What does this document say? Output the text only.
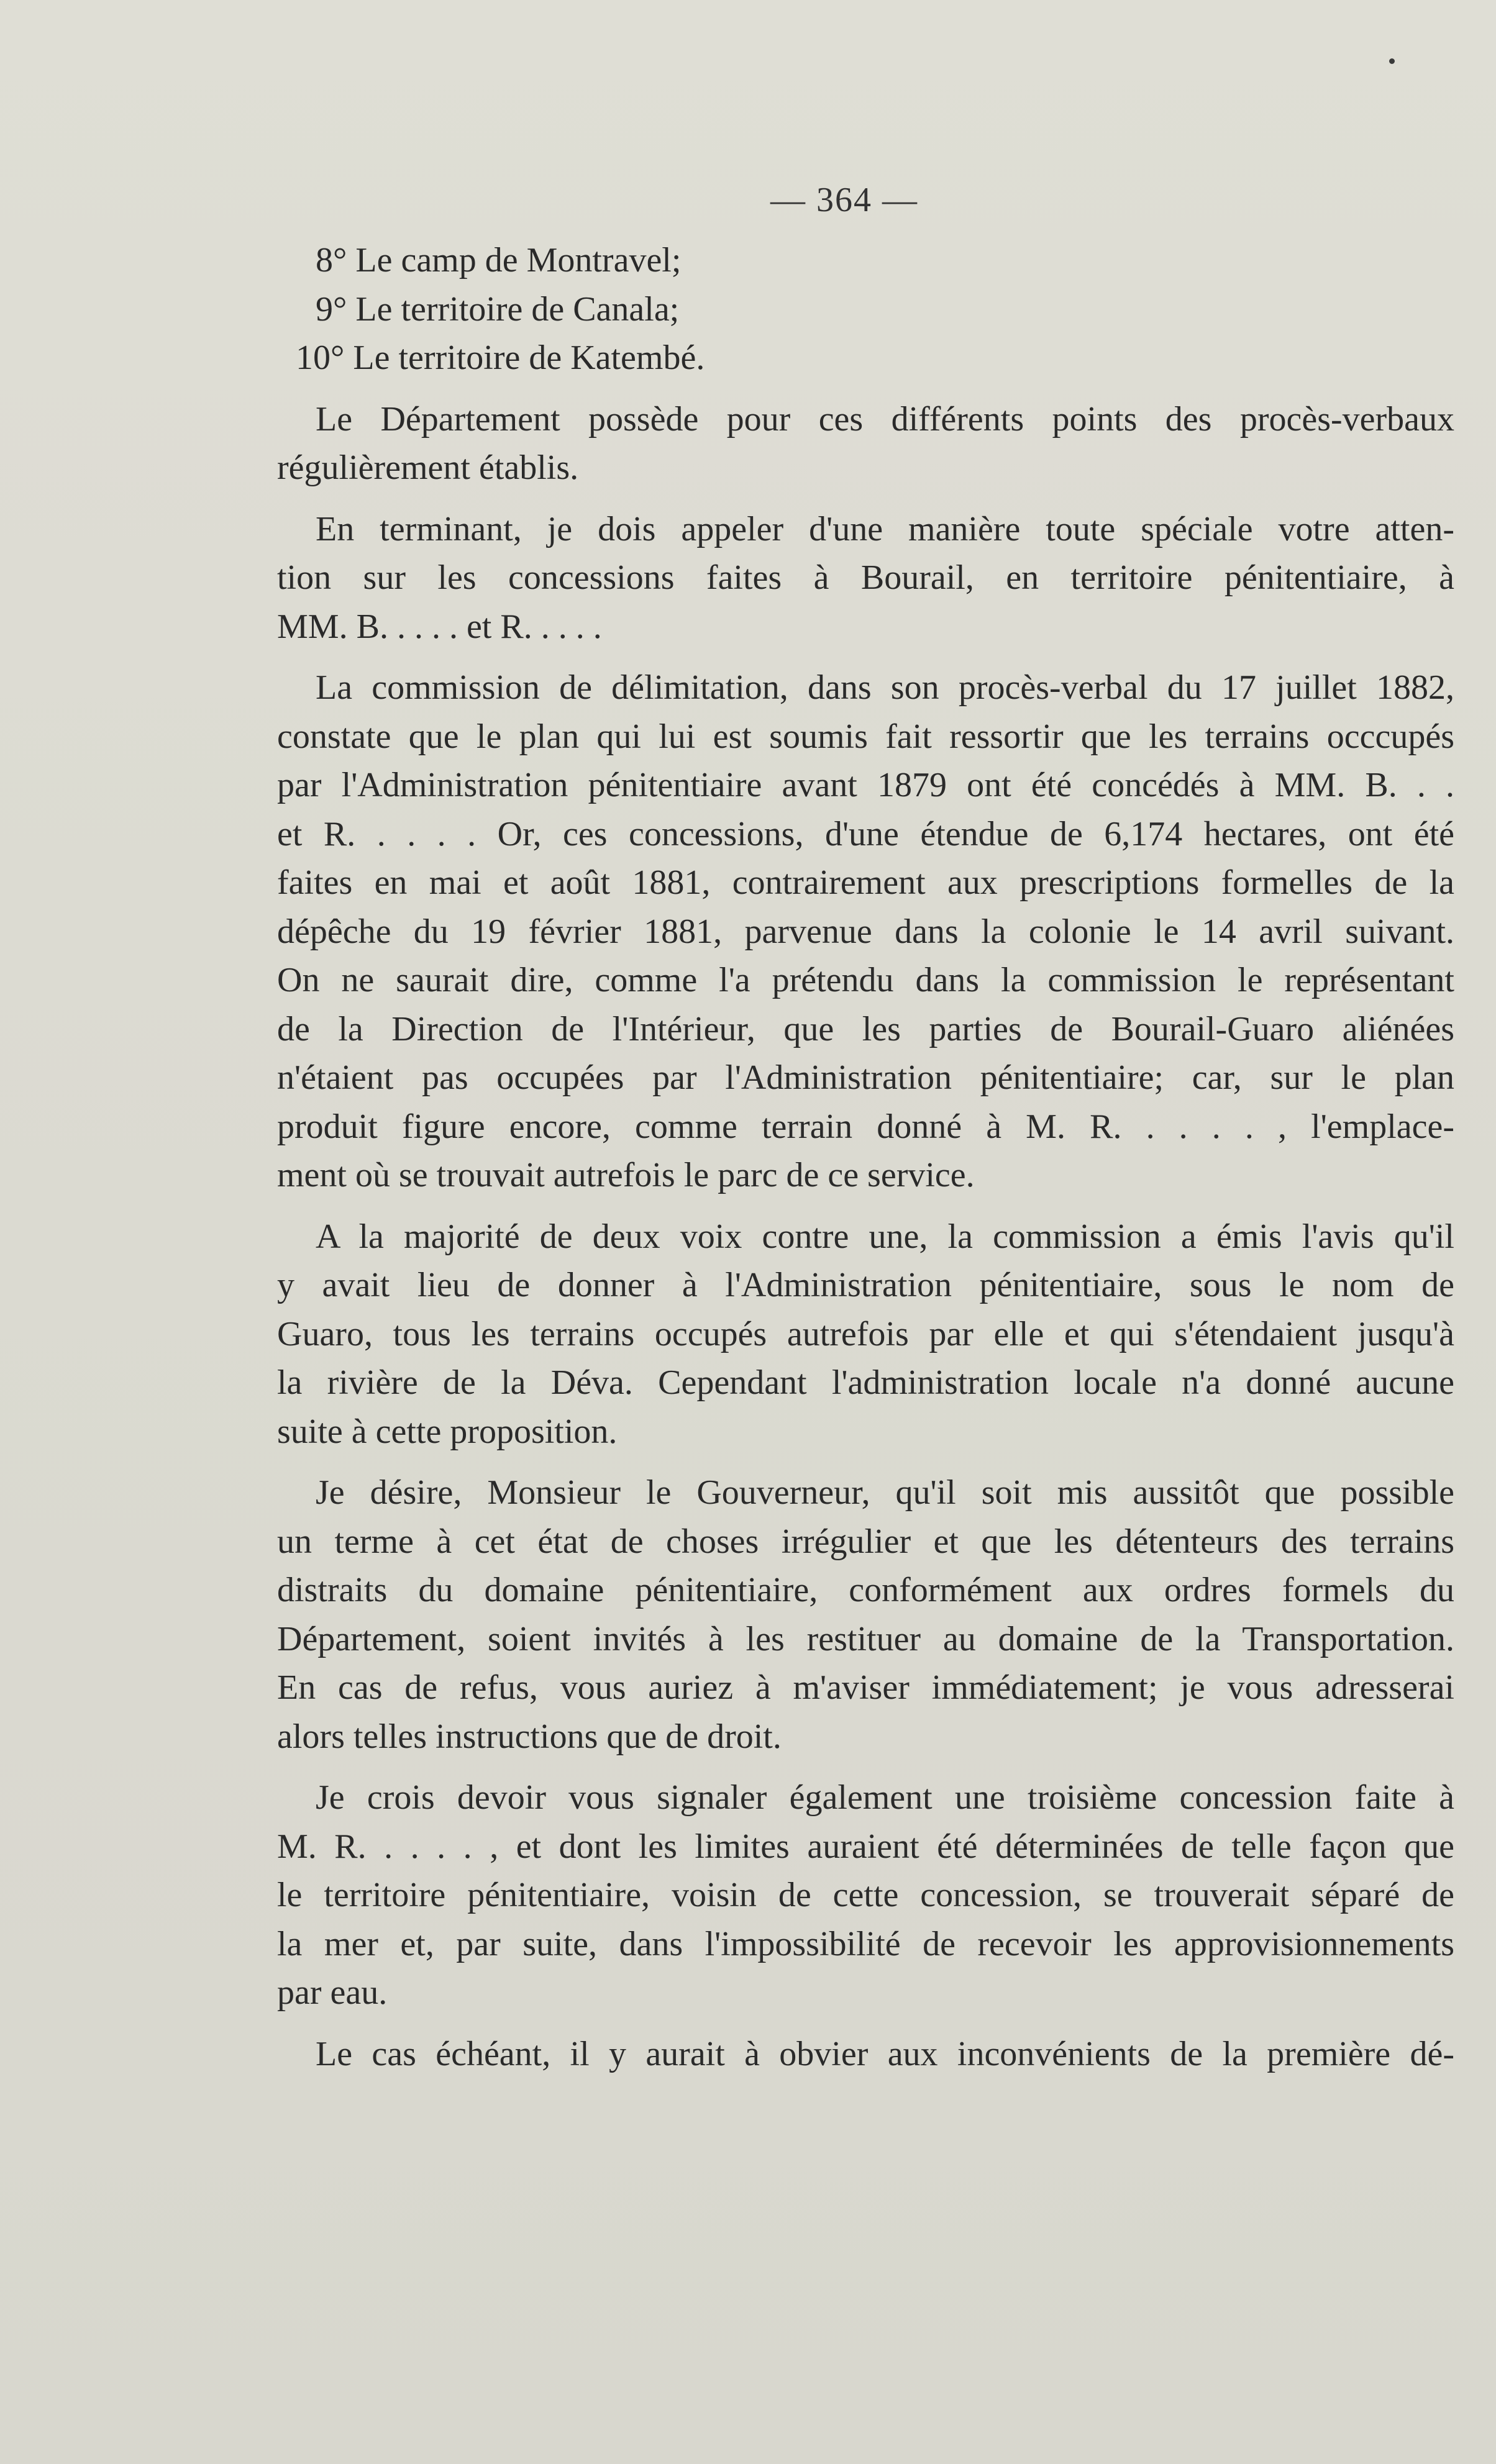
— 364 —
8° Le camp de Montravel;
9° Le territoire de Canala;
10° Le territoire de Katembé.
Le Département possède pour ces différents points des procès-verbaux
régulièrement établis.
En terminant, je dois appeler d'une manière toute spéciale votre atten-
tion sur les concessions faites à Bourail, en territoire pénitentiaire, à
MM. B. . . . . et R. . . . .
La commission de délimitation, dans son procès-verbal du 17 juillet 1882,
constate que le plan qui lui est soumis fait ressortir que les terrains occcupés
par l'Administration pénitentiaire avant 1879 ont été concédés à MM. B. . .
et R. . . . . Or, ces concessions, d'une étendue de 6,174 hectares, ont été
faites en mai et août 1881, contrairement aux prescriptions formelles de la
dépêche du 19 février 1881, parvenue dans la colonie le 14 avril suivant.
On ne saurait dire, comme l'a prétendu dans la commission le représentant
de la Direction de l'Intérieur, que les parties de Bourail-Guaro aliénées
n'étaient pas occupées par l'Administration pénitentiaire; car, sur le plan
produit figure encore, comme terrain donné à M. R. . . . . , l'emplace-
ment où se trouvait autrefois le parc de ce service.
A la majorité de deux voix contre une, la commission a émis l'avis qu'il
y avait lieu de donner à l'Administration pénitentiaire, sous le nom de
Guaro, tous les terrains occupés autrefois par elle et qui s'étendaient jusqu'à
la rivière de la Déva. Cependant l'administration locale n'a donné aucune
suite à cette proposition.
Je désire, Monsieur le Gouverneur, qu'il soit mis aussitôt que possible
un terme à cet état de choses irrégulier et que les détenteurs des terrains
distraits du domaine pénitentiaire, conformément aux ordres formels du
Département, soient invités à les restituer au domaine de la Transportation.
En cas de refus, vous auriez à m'aviser immédiatement; je vous adresserai
alors telles instructions que de droit.
Je crois devoir vous signaler également une troisième concession faite à
M. R. . . . . , et dont les limites auraient été déterminées de telle façon que
le territoire pénitentiaire, voisin de cette concession, se trouverait séparé de
la mer et, par suite, dans l'impossibilité de recevoir les approvisionnements
par eau.
Le cas échéant, il y aurait à obvier aux inconvénients de la première dé-
